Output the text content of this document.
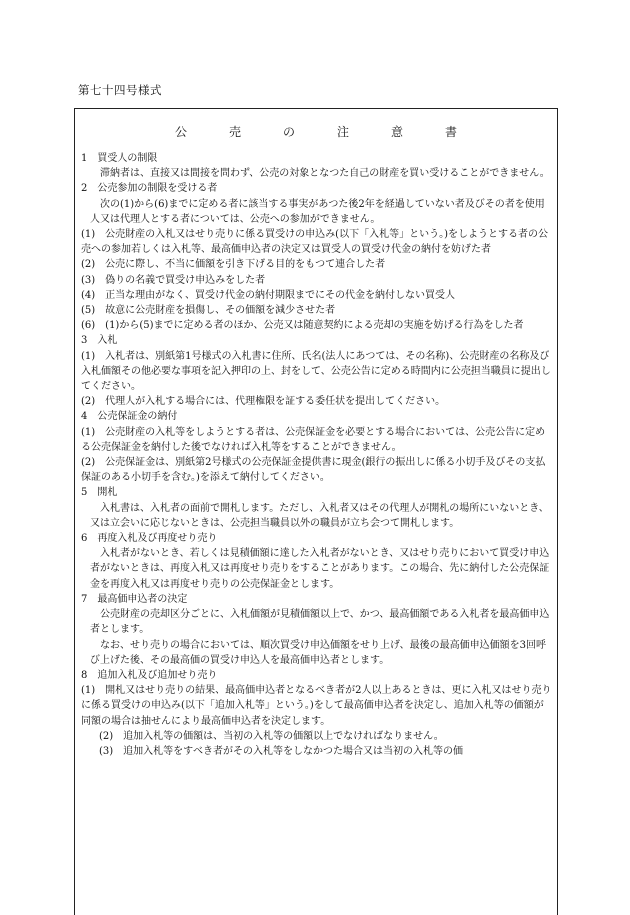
第七十四号様式
公　売　の　注　意　書

1　買受人の制限

滞納者は、直接又は間接を問わず、公売の対象となつた自己の財産を買い受けることができません。

2　公売参加の制限を受ける者

次の(1)から(6)までに定める者に該当する事実があつた後2年を経過していない者及びその者を使用人又は代理人とする者については、公売への参加ができません。

(1)　公売財産の入札又はせり売りに係る買受けの申込み(以下「入札等」という。)をしようとする者の公売への参加若しくは入札等、最高価申込者の決定又は買受人の買受け代金の納付を妨げた者

(2)　公売に際し、不当に価額を引き下げる目的をもつて連合した者

(3)　偽りの名義で買受け申込みをした者

(4)　正当な理由がなく、買受け代金の納付期限までにその代金を納付しない買受人

(5)　故意に公売財産を損傷し、その価額を減少させた者

(6)　(1)から(5)までに定める者のほか、公売又は随意契約による売却の実施を妨げる行為をした者

3　入札

(1)　入札者は、別紙第1号様式の入札書に住所、氏名(法人にあつては、その名称)、公売財産の名称及び入札価額その他必要な事項を記入押印の上、封をして、公売公告に定める時間内に公売担当職員に提出してください。

(2)　代理人が入札する場合には、代理権限を証する委任状を提出してください。

4　公売保証金の納付

(1)　公売財産の入札等をしようとする者は、公売保証金を必要とする場合においては、公売公告に定める公売保証金を納付した後でなければ入札等をすることができません。

(2)　公売保証金は、別紙第2号様式の公売保証金提供書に現金(銀行の振出しに係る小切手及びその支払保証のある小切手を含む。)を添えて納付してください。

5　開札

入札書は、入札者の面前で開札します。ただし、入札者又はその代理人が開札の場所にいないとき、又は立会いに応じないときは、公売担当職員以外の職員が立ち会つて開札します。

6　再度入札及び再度せり売り

入札者がないとき、若しくは見積価額に達した入札者がないとき、又はせり売りにおいて買受け申込者がないときは、再度入札又は再度せり売りをすることがあります。この場合、先に納付した公売保証金を再度入札又は再度せり売りの公売保証金とします。

7　最高価申込者の決定

公売財産の売却区分ごとに、入札価額が見積価額以上で、かつ、最高価額である入札者を最高価申込者とします。

なお、せり売りの場合においては、順次買受け申込価額をせり上げ、最後の最高価申込価額を3回呼び上げた後、その最高価の買受け申込人を最高価申込者とします。

8　追加入札及び追加せり売り

(1)　開札又はせり売りの結果、最高価申込者となるべき者が2人以上あるときは、更に入札又はせり売りに係る買受けの申込み(以下「追加入札等」という。)をして最高価申込者を決定し、追加入札等の価額が同額の場合は抽せんにより最高価申込者を決定します。

(2)　追加入札等の価額は、当初の入札等の価額以上でなければなりません。

(3)　追加入札等をすべき者がその入札等をしなかつた場合又は当初の入札等の価
